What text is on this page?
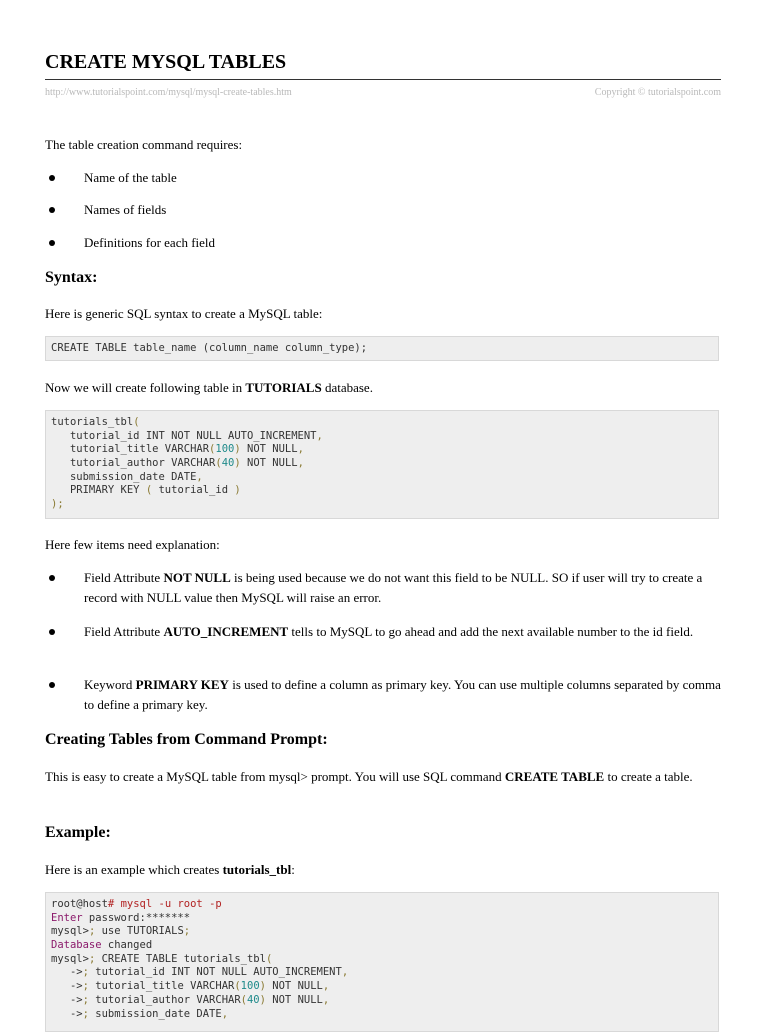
CREATE MYSQL TABLES
http://www.tutorialspoint.com/mysql/mysql-create-tables.htm	Copyright © tutorialspoint.com
The table creation command requires:
Name of the table
Names of fields
Definitions for each field
Syntax:
Here is generic SQL syntax to create a MySQL table:
CREATE TABLE table_name (column_name column_type);
Now we will create following table in TUTORIALS database.
tutorials_tbl(
tutorial_id INT NOT NULL AUTO_INCREMENT,
tutorial_title VARCHAR(100) NOT NULL,
tutorial_author VARCHAR(40) NOT NULL,
submission_date DATE,
PRIMARY KEY ( tutorial_id )
);
Here few items need explanation:
Field Attribute NOT NULL is being used because we do not want this field to be NULL. SO if user will try to create a record with NULL value then MySQL will raise an error.
Field Attribute AUTO_INCREMENT tells to MySQL to go ahead and add the next available number to the id field.
Keyword PRIMARY KEY is used to define a column as primary key. You can use multiple columns separated by comma to define a primary key.
Creating Tables from Command Prompt:
This is easy to create a MySQL table from mysql> prompt. You will use SQL command CREATE TABLE to create a table.
Example:
Here is an example which creates tutorials_tbl:
root@host# mysql -u root -p
Enter password:*******
mysql>; use TUTORIALS;
Database changed
mysql>; CREATE TABLE tutorials_tbl(
->; tutorial_id INT NOT NULL AUTO_INCREMENT,
->; tutorial_title VARCHAR(100) NOT NULL,
->; tutorial_author VARCHAR(40) NOT NULL,
->; submission_date DATE,
